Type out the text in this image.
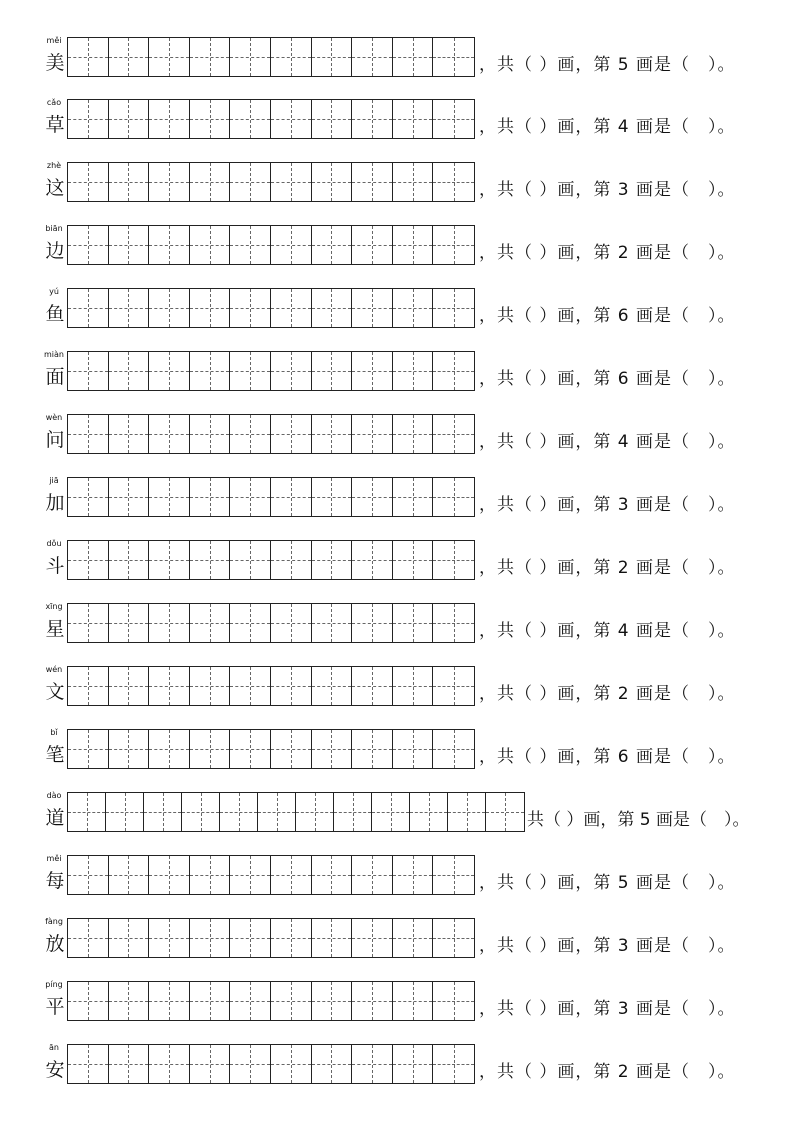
měi
美	，共（ ）画，第 5 画是（　）。
cǎo
草	，共（ ）画，第 4 画是（　）。
zhè
这	，共（ ）画，第 3 画是（　）。
biān
边	，共（ ）画，第 2 画是（　）。
yú
鱼	，共（ ）画，第 6 画是（　）。
miàn
面	，共（ ）画，第 6 画是（　）。
wèn
问	，共（ ）画，第 4 画是（　）。
jiā
加	，共（ ）画，第 3 画是（　）。
dǒu
斗	，共（ ）画，第 2 画是（　）。
xīng
星	，共（ ）画，第 4 画是（　）。
wén
文	，共（ ）画，第 2 画是（　）。
bǐ
笔	，共（ ）画，第 6 画是（　）。
dào
道	共（ ）画，第 5 画是（　）。
měi
每	，共（ ）画，第 5 画是（　）。
fàng
放	，共（ ）画，第 3 画是（　）。
píng
平	，共（ ）画，第 3 画是（　）。
ān
安	，共（ ）画，第 2 画是（　）。
